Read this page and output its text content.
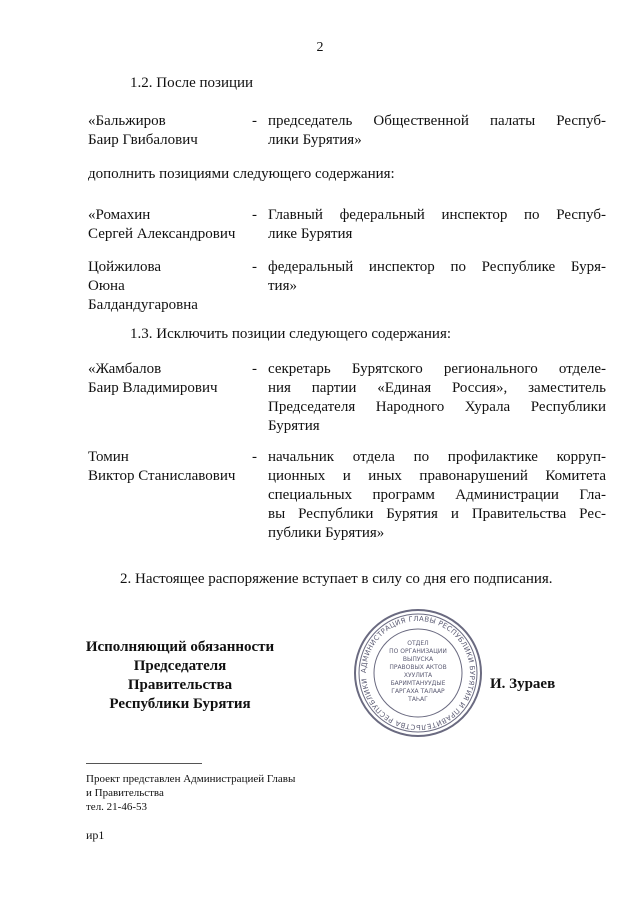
2
1.2. После позиции
«Бальжиров
Баир Гвибалович
- председатель Общественной палаты Респуб-
лики Бурятия»
дополнить позициями следующего содержания:
«Ромахин
Сергей Александрович
- Главный федеральный инспектор по Респуб-
лике Бурятия
Цойжилова
Оюна
Балдандугаровна
- федеральный инспектор по Республике Буря-
тия»
1.3. Исключить позиции следующего содержания:
«Жамбалов
Баир Владимирович
- секретарь Бурятского регионального отделе-
ния партии «Единая Россия», заместитель
Председателя Народного Хурала Республики
Бурятия
Томин
Виктор Станиславович
- начальник отдела по профилактике корруп-
ционных и иных правонарушений Комитета
специальных программ Администрации Гла-
вы Республики Бурятия и Правительства Рес-
публики Бурятия»
2. Настоящее распоряжение вступает в силу со дня его подписания.
Исполняющий обязанности
Председателя Правительства
Республики Бурятия
АДМИНИСТРАЦИЯ ГЛАВЫ РЕСПУБЛИКИ БУРЯТИЯ И ПРАВИТЕЛЬСТВА РЕСПУБЛИКИ
ОТДЕЛ
ПО ОРГАНИЗАЦИИ
ВЫПУСКА
ПРАВОВЫХ АКТОВ
ХУУЛИТА
БАРИМТАНУУДЫЕ
ГАРГАХА ТАЛААР
ТАҺАГ
И. Зураев
Проект представлен Администрацией Главы
и Правительства
тел. 21-46-53
ир1
